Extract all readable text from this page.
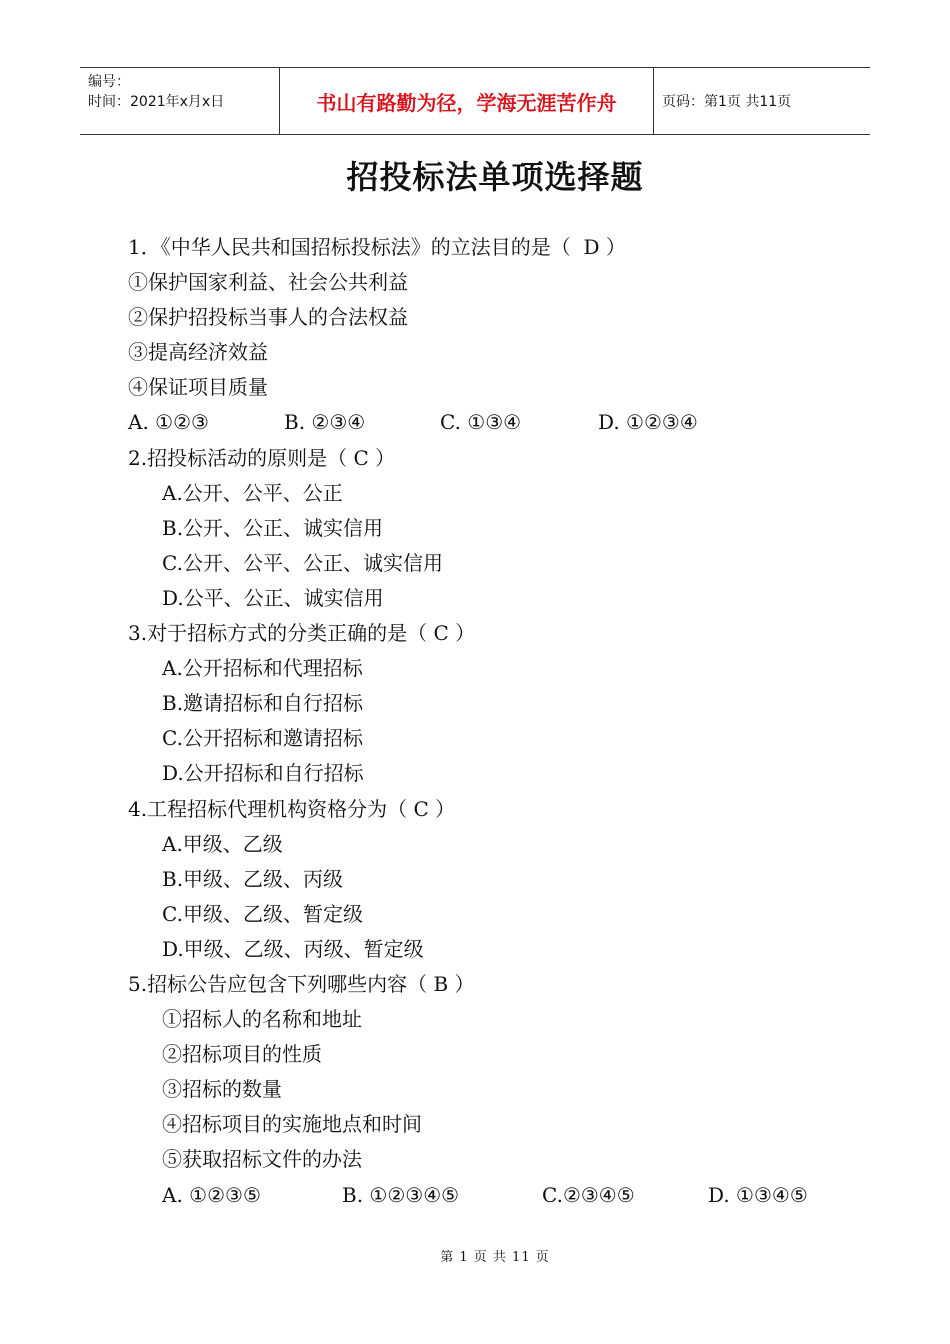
编号：
时间：2021年x月x日	书山有路勤为径，学海无涯苦作舟	页码：第1页 共11页
招投标法单项选择题
1．《中华人民共和国招标投标法》的立法目的是（  D ）
①保护国家利益、社会公共利益
②保护招投标当事人的合法权益
③提高经济效益
④保证项目质量
A. ①②③	B. ②③④	C. ①③④	D. ①②③④
2.招投标活动的原则是（ C ）
A.公开、公平、公正
B.公开、公正、诚实信用
C.公开、公平、公正、诚实信用
D.公平、公正、诚实信用
3.对于招标方式的分类正确的是（ C ）
A.公开招标和代理招标
B.邀请招标和自行招标
C.公开招标和邀请招标
D.公开招标和自行招标
4.工程招标代理机构资格分为（ C ）
A.甲级、乙级
B.甲级、乙级、丙级
C.甲级、乙级、暂定级
D.甲级、乙级、丙级、暂定级
5.招标公告应包含下列哪些内容（ B ）
①招标人的名称和地址
②招标项目的性质
③招标的数量
④招标项目的实施地点和时间
⑤获取招标文件的办法
A. ①②③⑤	B. ①②③④⑤	C.②③④⑤	D. ①③④⑤
第 1 页 共 11 页
